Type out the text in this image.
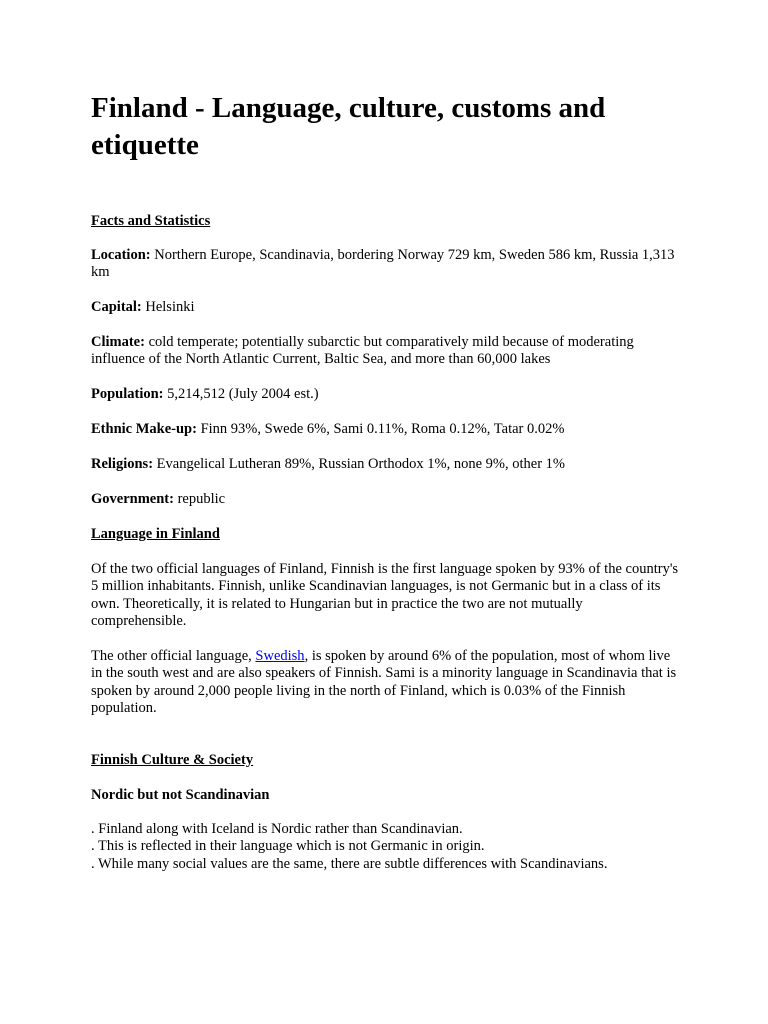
Finland - Language, culture, customs and etiquette

Facts and Statistics

Location: Northern Europe, Scandinavia, bordering Norway 729 km, Sweden 586 km, Russia 1,313 km

Capital: Helsinki

Climate: cold temperate; potentially subarctic but comparatively mild because of moderating influence of the North Atlantic Current, Baltic Sea, and more than 60,000 lakes

Population: 5,214,512 (July 2004 est.)

Ethnic Make-up: Finn 93%, Swede 6%, Sami 0.11%, Roma 0.12%, Tatar 0.02%

Religions: Evangelical Lutheran 89%, Russian Orthodox 1%, none 9%, other 1%

Government: republic

Language in Finland

Of the two official languages of Finland, Finnish is the first language spoken by 93% of the country's 5 million inhabitants. Finnish, unlike Scandinavian languages, is not Germanic but in a class of its own. Theoretically, it is related to Hungarian but in practice the two are not mutually comprehensible.

The other official language, Swedish, is spoken by around 6% of the population, most of whom live in the south west and are also speakers of Finnish. Sami is a minority language in Scandinavia that is spoken by around 2,000 people living in the north of Finland, which is 0.03% of the Finnish population.

Finnish Culture & Society

Nordic but not Scandinavian

. Finland along with Iceland is Nordic rather than Scandinavian.
. This is reflected in their language which is not Germanic in origin.
. While many social values are the same, there are subtle differences with Scandinavians.
